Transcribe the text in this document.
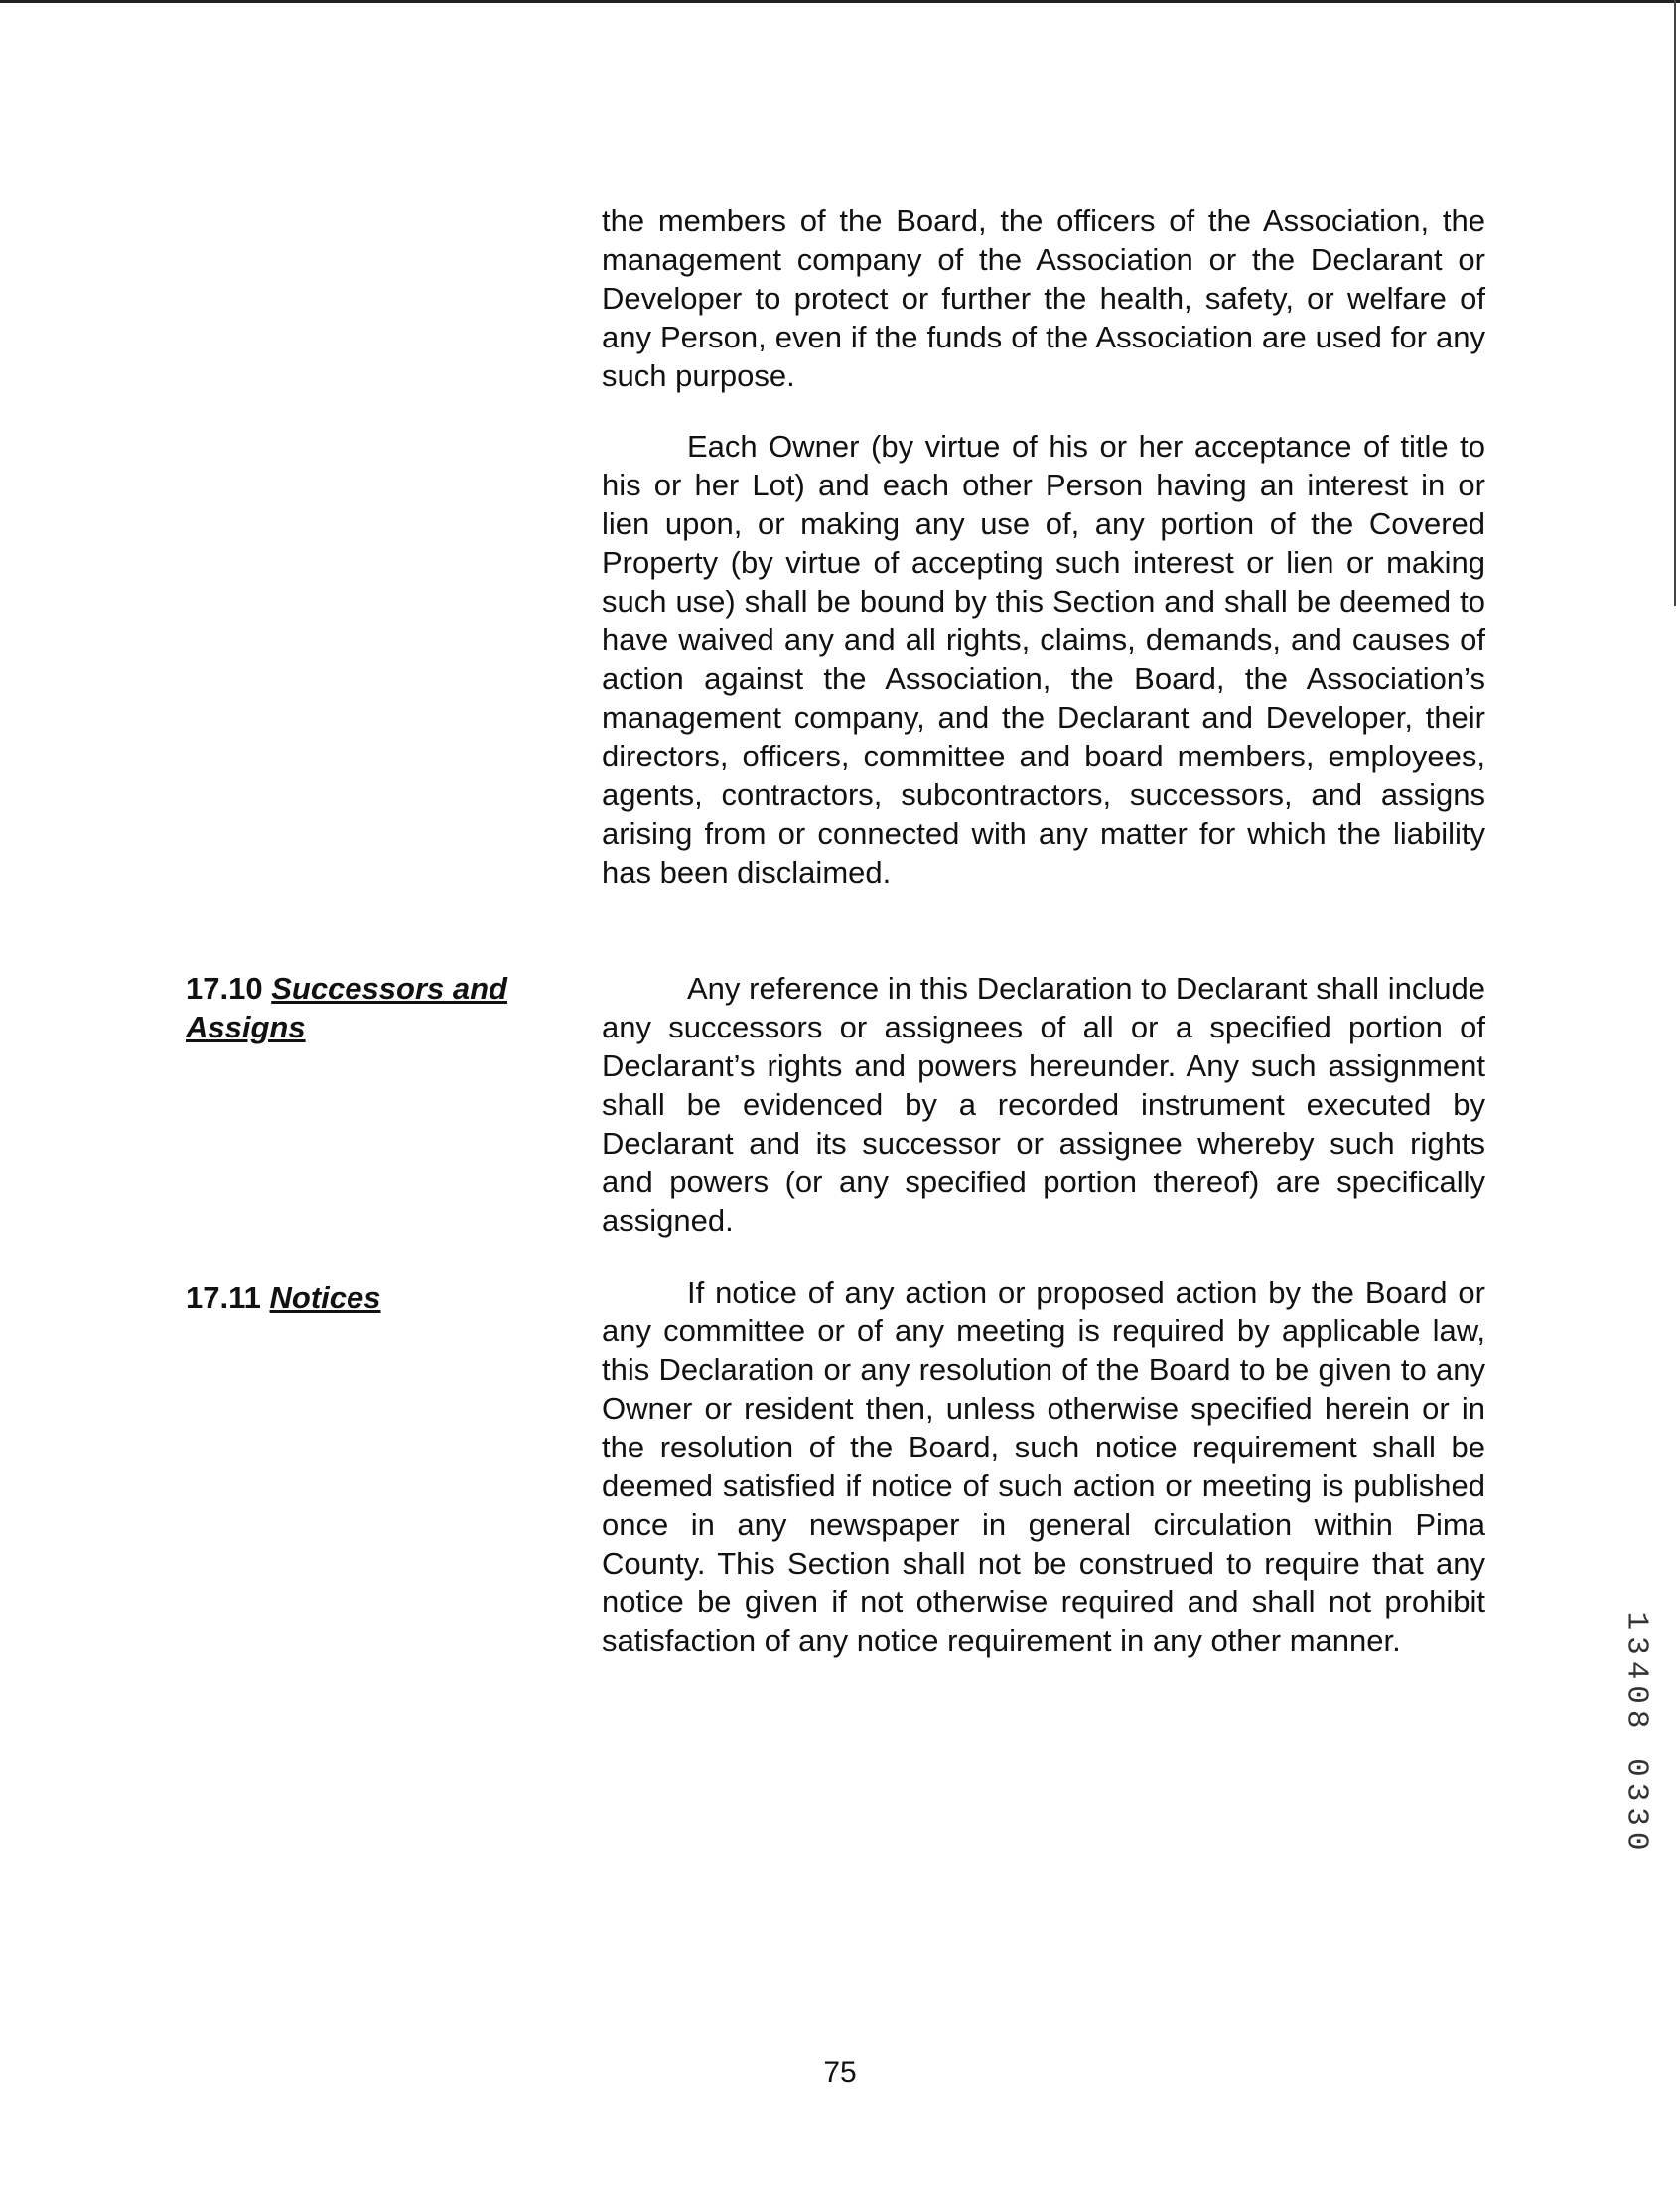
the members of the Board, the officers of the Association, the management company of the Association or the Declarant or Developer to protect or further the health, safety, or welfare of any Person, even if the funds of the Association are used for any such purpose.

Each Owner (by virtue of his or her acceptance of title to his or her Lot) and each other Person having an interest in or lien upon, or making any use of, any portion of the Covered Property (by virtue of accepting such interest or lien or making such use) shall be bound by this Section and shall be deemed to have waived any and all rights, claims, demands, and causes of action against the Association, the Board, the Association’s management company, and the Declarant and Developer, their directors, officers, committee and board members, employees, agents, contractors, subcontractors, successors, and assigns arising from or connected with any matter for which the liability has been disclaimed.

17.10 Successors and Assigns

Any reference in this Declaration to Declarant shall include any successors or assignees of all or a specified portion of Declarant’s rights and powers hereunder. Any such assignment shall be evidenced by a recorded instrument executed by Declarant and its successor or assignee whereby such rights and powers (or any specified portion thereof) are specifically assigned.

17.11 Notices	If notice of any action or proposed action by the Board or any committee or of any meeting is required by applicable law, this Declaration or any resolution of the Board to be given to any Owner or resident then, unless otherwise specified herein or in the resolution of the Board, such notice requirement shall be deemed satisfied if notice of such action or meeting is published once in any newspaper in general circulation within Pima County. This Section shall not be construed to require that any notice be given if not otherwise required and shall not prohibit satisfaction of any notice requirement in any other manner.	13408 0330
75
